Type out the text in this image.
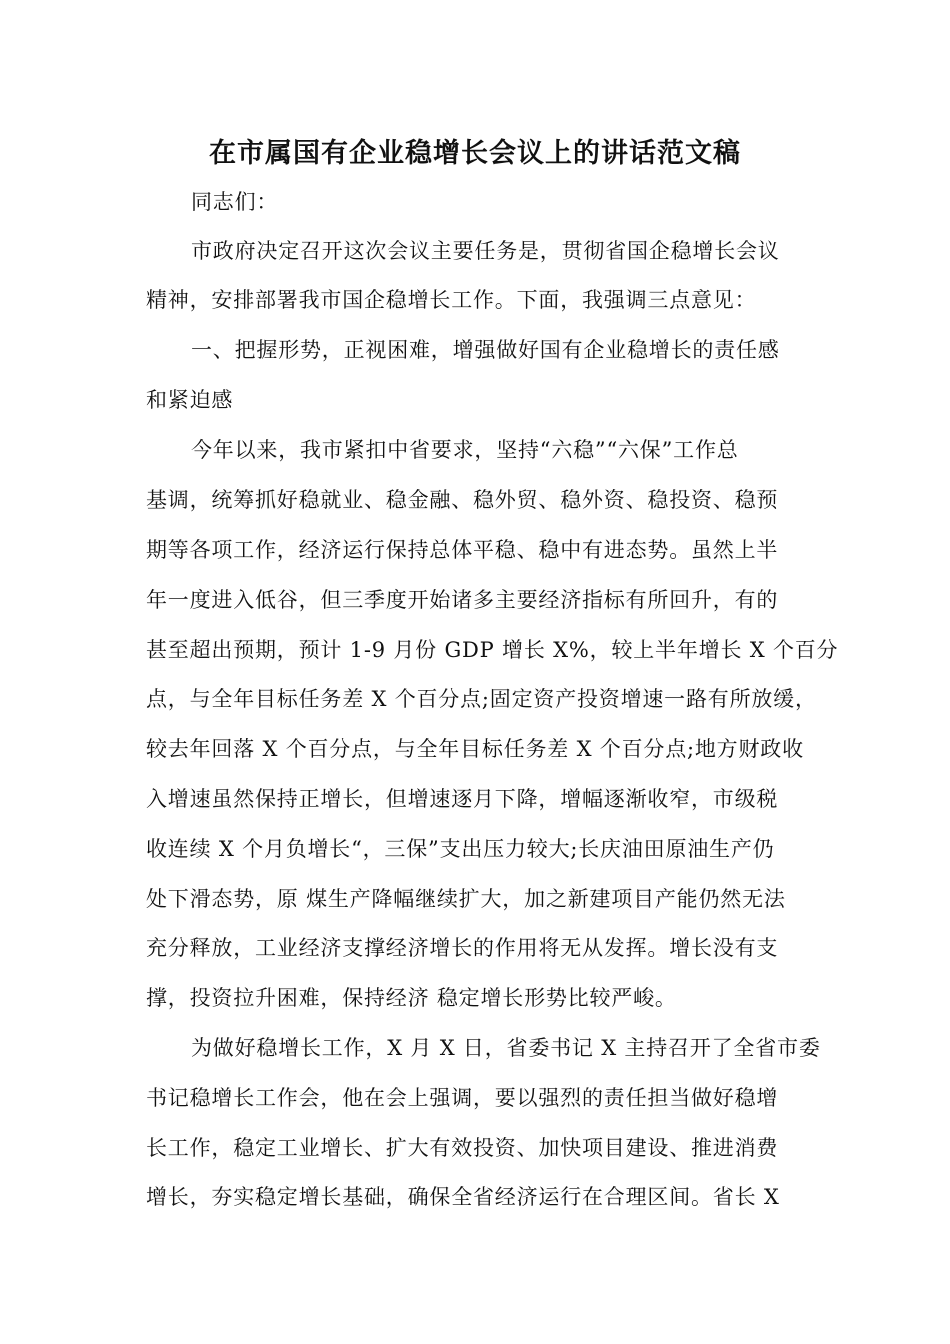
在市属国有企业稳增长会议上的讲话范文稿
同志们：
市政府决定召开这次会议主要任务是，贯彻省国企稳增长会议
精神，安排部署我市国企稳增长工作。下面，我强调三点意见：
一、把握形势，正视困难，增强做好国有企业稳增长的责任感
和紧迫感
今年以来，我市紧扣中省要求，坚持“六稳”“六保”工作总
基调，统筹抓好稳就业、稳金融、稳外贸、稳外资、稳投资、稳预
期等各项工作，经济运行保持总体平稳、稳中有进态势。虽然上半
年一度进入低谷，但三季度开始诸多主要经济指标有所回升，有的
甚至超出预期，预计 1-9 月份 GDP 增长 X%，较上半年增长 X 个百分
点，与全年目标任务差 X 个百分点;固定资产投资增速一路有所放缓，
较去年回落 X 个百分点，与全年目标任务差 X 个百分点;地方财政收
入增速虽然保持正增长，但增速逐月下降，增幅逐渐收窄，市级税
收连续 X 个月负增长“，三保”支出压力较大;长庆油田原油生产仍
处下滑态势，原 煤生产降幅继续扩大，加之新建项目产能仍然无法
充分释放，工业经济支撑经济增长的作用将无从发挥。增长没有支
撑，投资拉升困难，保持经济 稳定增长形势比较严峻。
为做好稳增长工作，X 月 X 日，省委书记 X 主持召开了全省市委
书记稳增长工作会，他在会上强调，要以强烈的责任担当做好稳增
长工作，稳定工业增长、扩大有效投资、加快项目建设、推进消费
增长，夯实稳定增长基础，确保全省经济运行在合理区间。省长 X
